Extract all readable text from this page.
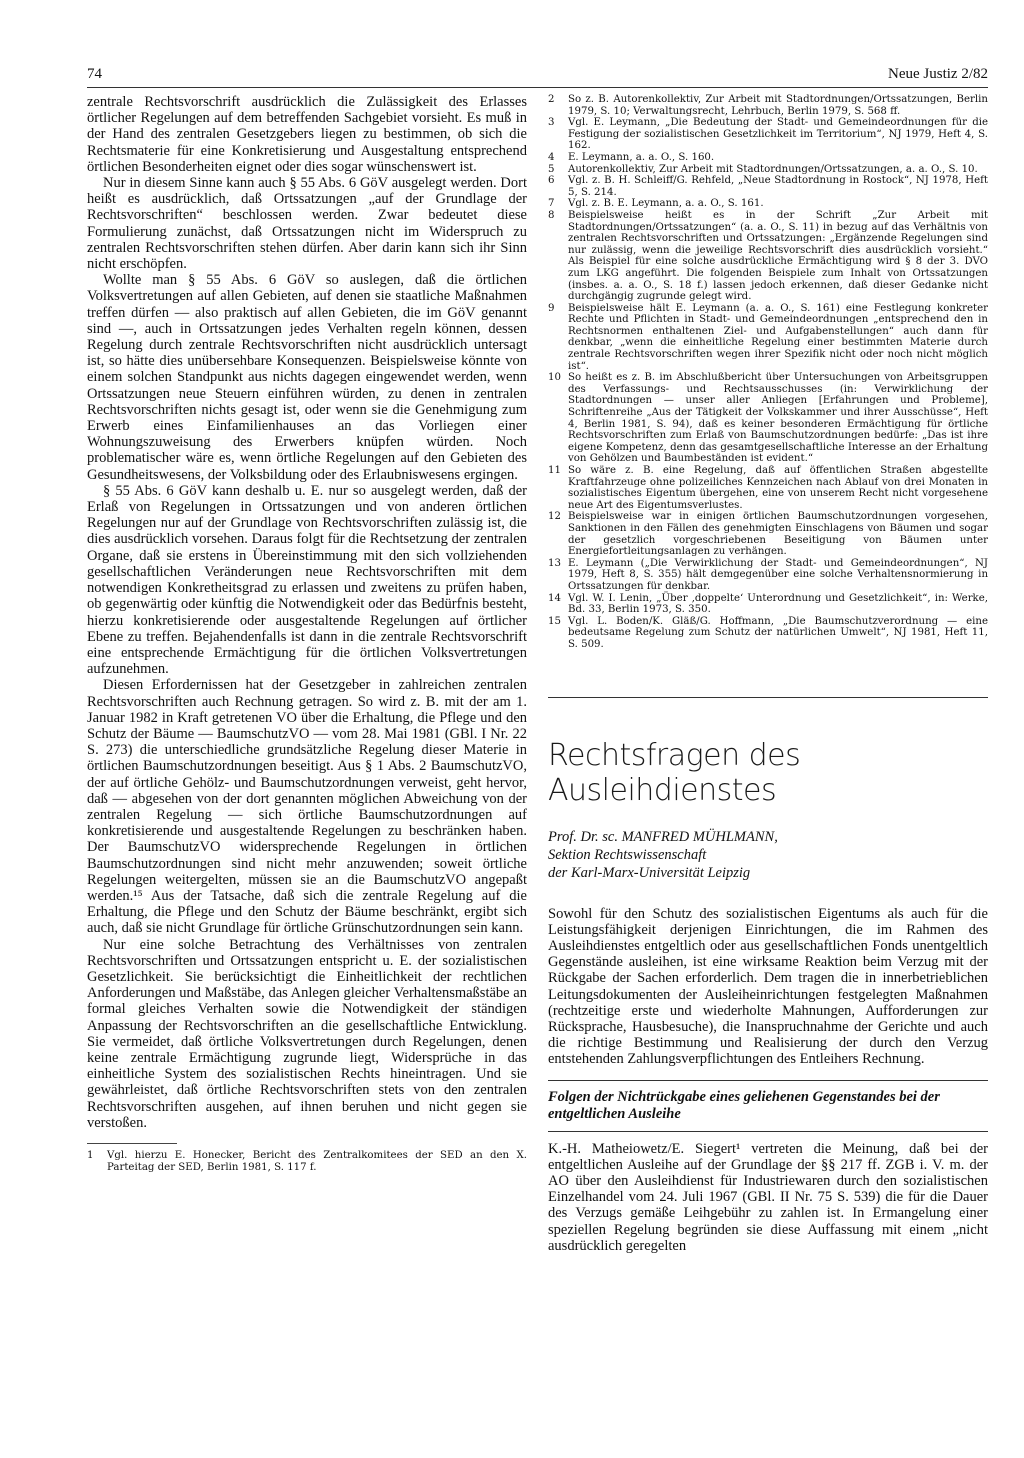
74	Neue Justiz 2/82

zentrale Rechtsvorschrift ausdrücklich die Zulässigkeit des Erlasses örtlicher Regelungen auf dem betreffenden Sachgebiet vorsieht. Es muß in der Hand des zentralen Gesetzgebers liegen zu bestimmen, ob sich die Rechtsmaterie für eine Konkretisierung und Ausgestaltung entsprechend örtlichen Besonderheiten eignet oder dies sogar wünschenswert ist.

Nur in diesem Sinne kann auch § 55 Abs. 6 GöV ausgelegt werden. Dort heißt es ausdrücklich, daß Ortssatzungen „auf der Grundlage der Rechtsvorschriften“ beschlossen werden. Zwar bedeutet diese Formulierung zunächst, daß Ortssatzungen nicht im Widerspruch zu zentralen Rechtsvorschriften stehen dürfen. Aber darin kann sich ihr Sinn nicht erschöpfen.

Wollte man § 55 Abs. 6 GöV so auslegen, daß die örtlichen Volksvertretungen auf allen Gebieten, auf denen sie staatliche Maßnahmen treffen dürfen — also praktisch auf allen Gebieten, die im GöV genannt sind —, auch in Ortssatzungen jedes Verhalten regeln können, dessen Regelung durch zentrale Rechtsvorschriften nicht ausdrücklich untersagt ist, so hätte dies unübersehbare Konsequenzen. Beispielsweise könnte von einem solchen Standpunkt aus nichts dagegen eingewendet werden, wenn Ortssatzungen neue Steuern einführen würden, zu denen in zentralen Rechtsvorschriften nichts gesagt ist, oder wenn sie die Genehmigung zum Erwerb eines Einfamilienhauses an das Vorliegen einer Wohnungszuweisung des Erwerbers knüpfen würden. Noch problematischer wäre es, wenn örtliche Regelungen auf den Gebieten des Gesundheitswesens, der Volksbildung oder des Erlaubniswesens ergingen.

§ 55 Abs. 6 GöV kann deshalb u. E. nur so ausgelegt werden, daß der Erlaß von Regelungen in Ortssatzungen und von anderen örtlichen Regelungen nur auf der Grundlage von Rechtsvorschriften zulässig ist, die dies ausdrücklich vorsehen. Daraus folgt für die Rechtsetzung der zentralen Organe, daß sie erstens in Übereinstimmung mit den sich vollziehenden gesellschaftlichen Veränderungen neue Rechtsvorschriften mit dem notwendigen Konkretheitsgrad zu erlassen und zweitens zu prüfen haben, ob gegenwärtig oder künftig die Notwendigkeit oder das Bedürfnis besteht, hierzu konkretisierende oder ausgestaltende Regelungen auf örtlicher Ebene zu treffen. Bejahendenfalls ist dann in die zentrale Rechtsvorschrift eine entsprechende Ermächtigung für die örtlichen Volksvertretungen aufzunehmen.

Diesen Erfordernissen hat der Gesetzgeber in zahlreichen zentralen Rechtsvorschriften auch Rechnung getragen. So wird z. B. mit der am 1. Januar 1982 in Kraft getretenen VO über die Erhaltung, die Pflege und den Schutz der Bäume — BaumschutzVO — vom 28. Mai 1981 (GBl. I Nr. 22 S. 273) die unterschiedliche grundsätzliche Regelung dieser Materie in örtlichen Baumschutzordnungen beseitigt. Aus § 1 Abs. 2 BaumschutzVO, der auf örtliche Gehölz- und Baumschutzordnungen verweist, geht hervor, daß — abgesehen von der dort genannten möglichen Abweichung von der zentralen Regelung — sich örtliche Baumschutzordnungen auf konkretisierende und ausgestaltende Regelungen zu beschränken haben. Der BaumschutzVO widersprechende Regelungen in örtlichen Baumschutzordnungen sind nicht mehr anzuwenden; soweit örtliche Regelungen weitergelten, müssen sie an die BaumschutzVO angepaßt werden.¹⁵ Aus der Tatsache, daß sich die zentrale Regelung auf die Erhaltung, die Pflege und den Schutz der Bäume beschränkt, ergibt sich auch, daß sie nicht Grundlage für örtliche Grünschutzordnungen sein kann.

Nur eine solche Betrachtung des Verhältnisses von zentralen Rechtsvorschriften und Ortssatzungen entspricht u. E. der sozialistischen Gesetzlichkeit. Sie berücksichtigt die Einheitlichkeit der rechtlichen Anforderungen und Maßstäbe, das Anlegen gleicher Verhaltensmaßstäbe an formal gleiches Verhalten sowie die Notwendigkeit der ständigen Anpassung der Rechtsvorschriften an die gesellschaftliche Entwicklung. Sie vermeidet, daß örtliche Volksvertretungen durch Regelungen, denen keine zentrale Ermächtigung zugrunde liegt, Widersprüche in das einheitliche System des sozialistischen Rechts hineintragen. Und sie gewährleistet, daß örtliche Rechtsvorschriften stets von den zentralen Rechtsvorschriften ausgehen, auf ihnen beruhen und nicht gegen sie verstoßen.

1	Vgl. hierzu E. Honecker, Bericht des Zentralkomitees der SED an den X. Parteitag der SED, Berlin 1981, S. 117 f.
2	So z. B. Autorenkollektiv, Zur Arbeit mit Stadtordnungen/Ortssatzungen, Berlin 1979, S. 10; Verwaltungsrecht, Lehrbuch, Berlin 1979, S. 568 ff.
3	Vgl. E. Leymann, „Die Bedeutung der Stadt- und Gemeindeordnungen für die Festigung der sozialistischen Gesetzlichkeit im Territorium“, NJ 1979, Heft 4, S. 162.
4	E. Leymann, a. a. O., S. 160.
5	Autorenkollektiv, Zur Arbeit mit Stadtordnungen/Ortssatzungen, a. a. O., S. 10.
6	Vgl. z. B. H. Schleiff/G. Rehfeld, „Neue Stadtordnung in Rostock“, NJ 1978, Heft 5, S. 214.
7	Vgl. z. B. E. Leymann, a. a. O., S. 161.
8	Beispielsweise heißt es in der Schrift „Zur Arbeit mit Stadtordnungen/Ortssatzungen“ (a. a. O., S. 11) in bezug auf das Verhältnis von zentralen Rechtsvorschriften und Ortssatzungen: „Ergänzende Regelungen sind nur zulässig, wenn die jeweilige Rechtsvorschrift dies ausdrücklich vorsieht.“ Als Beispiel für eine solche ausdrückliche Ermächtigung wird § 8 der 3. DVO zum LKG angeführt. Die folgenden Beispiele zum Inhalt von Ortssatzungen (insbes. a. a. O., S. 18 f.) lassen jedoch erkennen, daß dieser Gedanke nicht durchgängig zugrunde gelegt wird.
9	Beispielsweise hält E. Leymann (a. a. O., S. 161) eine Festlegung konkreter Rechte und Pflichten in Stadt- und Gemeindeordnungen „entsprechend den in Rechtsnormen enthaltenen Ziel- und Aufgabenstellungen“ auch dann für denkbar, „wenn die einheitliche Regelung einer bestimmten Materie durch zentrale Rechtsvorschriften wegen ihrer Spezifik nicht oder noch nicht möglich ist“.
10 So heißt es z. B. im Abschlußbericht über Untersuchungen von Arbeitsgruppen des Verfassungs- und Rechtsausschusses (in: Verwirklichung der Stadtordnungen — unser aller Anliegen [Erfahrungen und Probleme], Schriftenreihe „Aus der Tätigkeit der Volkskammer und ihrer Ausschüsse“, Heft 4, Berlin 1981, S. 94), daß es keiner besonderen Ermächtigung für örtliche Rechtsvorschriften zum Erlaß von Baumschutzordnungen bedürfe: „Das ist ihre eigene Kompetenz, denn das gesamtgesellschaftliche Interesse an der Erhaltung von Gehölzen und Baumbeständen ist evident.“
11 So wäre z. B. eine Regelung, daß auf öffentlichen Straßen abgestellte Kraftfahrzeuge ohne polizeiliches Kennzeichen nach Ablauf von drei Monaten in sozialistisches Eigentum übergehen, eine von unserem Recht nicht vorgesehene neue Art des Eigentumsverlustes.
12 Beispielsweise war in einigen örtlichen Baumschutzordnungen vorgesehen, Sanktionen in den Fällen des genehmigten Einschlagens von Bäumen und sogar der gesetzlich vorgeschriebenen Beseitigung von Bäumen unter Energiefortleitungsanlagen zu verhängen.
13 E. Leymann („Die Verwirklichung der Stadt- und Gemeindeordnungen“, NJ 1979, Heft 8, S. 355) hält demgegenüber eine solche Verhaltensnormierung in Ortssatzungen für denkbar.
14 Vgl. W. I. Lenin, „Über ‚doppelte‘ Unterordnung und Gesetzlichkeit“, in: Werke, Bd. 33, Berlin 1973, S. 350.
15 Vgl. L. Boden/K. Gläß/G. Hoffmann, „Die Baumschutzverordnung — eine bedeutsame Regelung zum Schutz der natürlichen Umwelt“, NJ 1981, Heft 11, S. 509.
Rechtsfragen des Ausleihdienstes

Prof. Dr. sc. MANFRED MÜHLMANN,

Sektion Rechtswissenschaft

der Karl-Marx-Universität Leipzig

Sowohl für den Schutz des sozialistischen Eigentums als auch für die Leistungsfähigkeit derjenigen Einrichtungen, die im Rahmen des Ausleihdienstes entgeltlich oder aus gesellschaftlichen Fonds unentgeltlich Gegenstände ausleihen, ist eine wirksame Reaktion beim Verzug mit der Rückgabe der Sachen erforderlich. Dem tragen die in innerbetrieblichen Leitungsdokumenten der Ausleiheinrichtungen festgelegten Maßnahmen (rechtzeitige erste und wiederholte Mahnungen, Aufforderungen zur Rücksprache, Hausbesuche), die Inanspruchnahme der Gerichte und auch die richtige Bestimmung und Realisierung der durch den Verzug entstehenden Zahlungsverpflichtungen des Entleihers Rechnung.

Folgen der Nichtrückgabe eines geliehenen Gegenstandes bei der entgeltlichen Ausleihe

K.-H. Matheiowetz/E. Siegert¹ vertreten die Meinung, daß bei der entgeltlichen Ausleihe auf der Grundlage der §§ 217 ff. ZGB i. V. m. der AO über den Ausleihdienst für Industriewaren durch den sozialistischen Einzelhandel vom 24. Juli 1967 (GBl. II Nr. 75 S. 539) die für die Dauer des Verzugs gemäße Leihgebühr zu zahlen ist. In Ermangelung einer speziellen Regelung begründen sie diese Auffassung mit einem „nicht ausdrücklich geregelten
